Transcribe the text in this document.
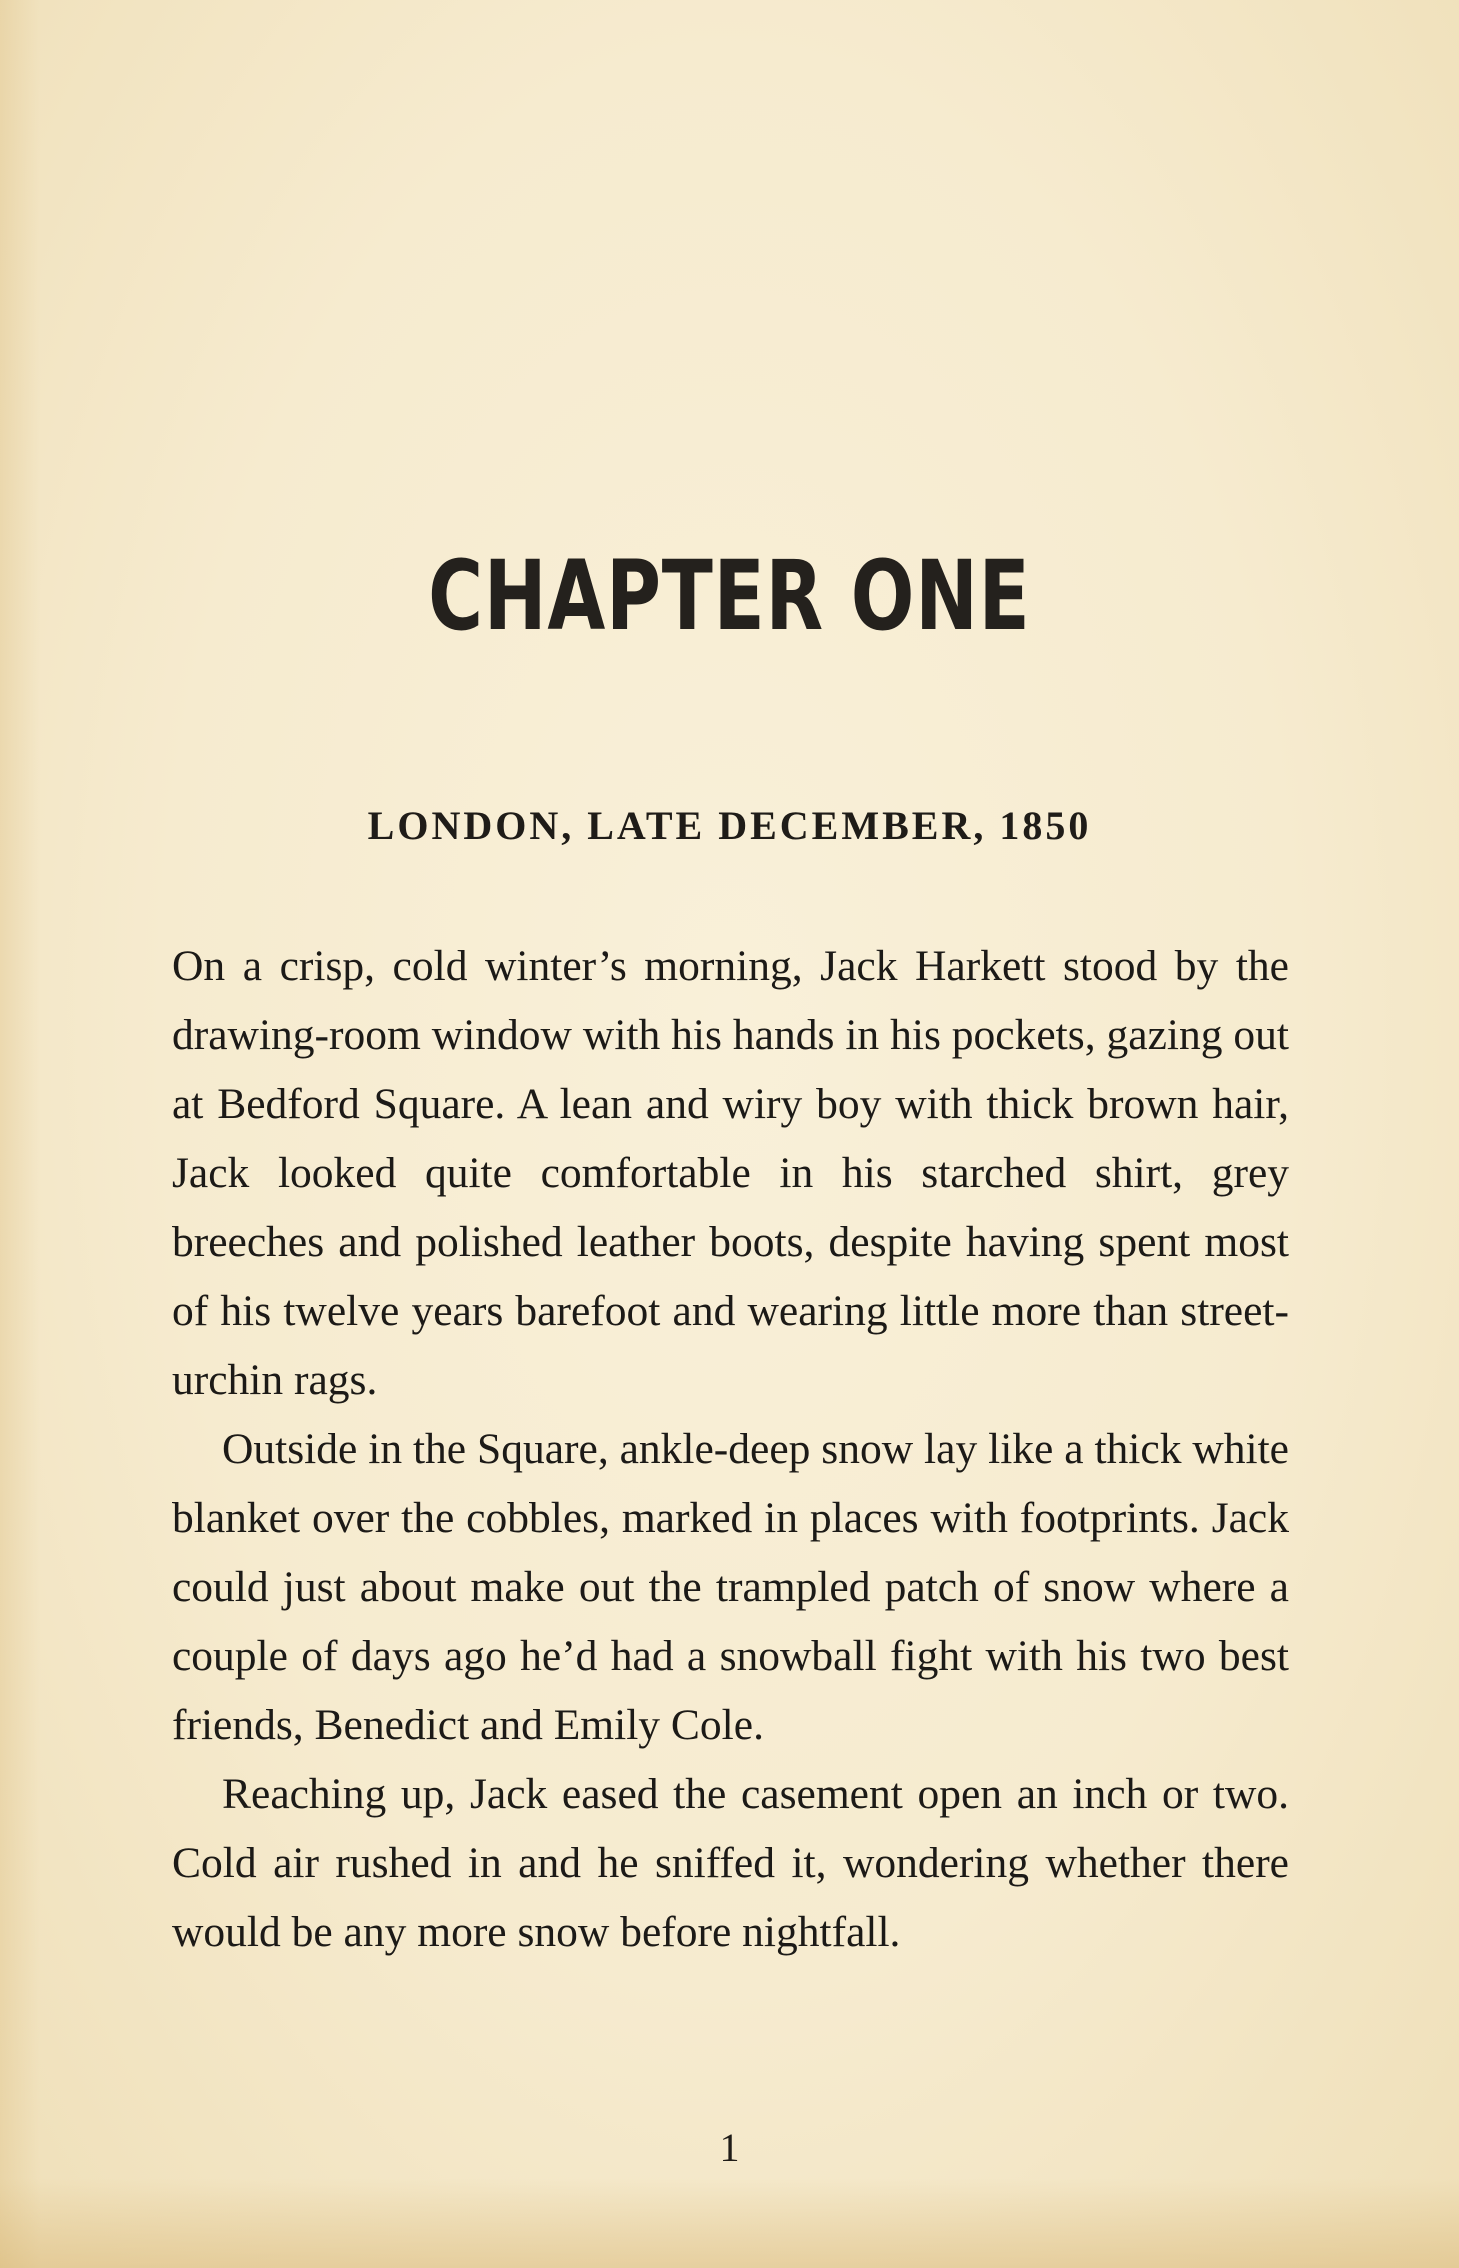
CHAPTER ONE
LONDON, LATE DECEMBER, 1850

On a crisp, cold winter’s morning, Jack Harkett stood by the drawing-room window with his hands in his pockets, gazing out at Bedford Square. A lean and wiry boy with thick brown hair, Jack looked quite comfortable in his starched shirt, grey breeches and polished leather boots, despite having spent most of his twelve years barefoot and wearing little more than street-urchin rags.

Outside in the Square, ankle-deep snow lay like a thick white blanket over the cobbles, marked in places with footprints. Jack could just about make out the trampled patch of snow where a couple of days ago he’d had a snowball fight with his two best friends, Benedict and Emily Cole.

Reaching up, Jack eased the casement open an inch or two. Cold air rushed in and he sniffed it, wondering whether there would be any more snow before nightfall.

1
